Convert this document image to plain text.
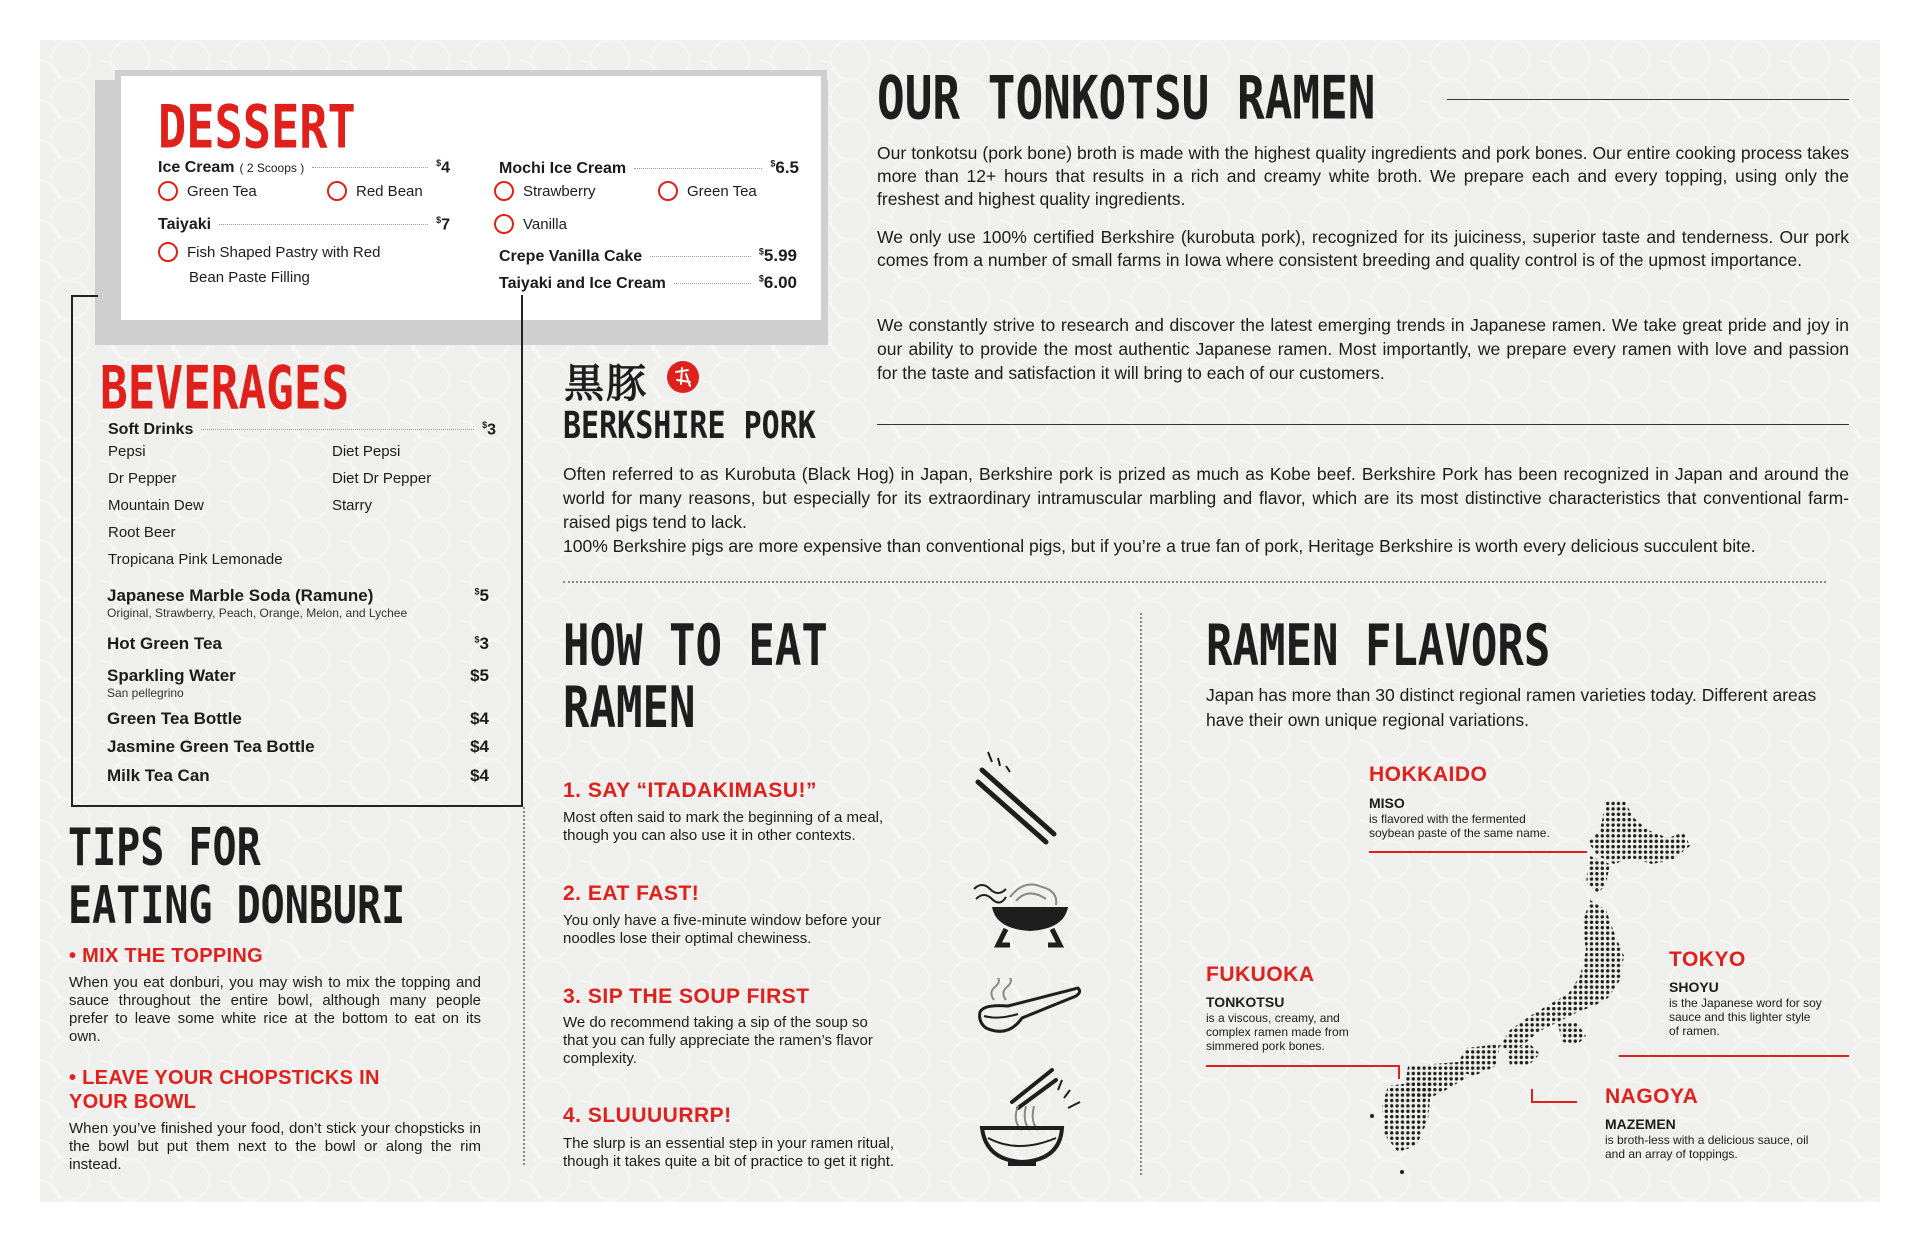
DESSERT
Ice Cream ( 2 Scoops )	$4
Green Tea	Red Bean
Taiyaki	$7
Fish Shaped Pastry with Red
Bean Paste Filling
Mochi Ice Cream	$6.5
Strawberry	Green Tea
Vanilla
Crepe Vanilla Cake	$5.99
Taiyaki and Ice Cream	$6.00
BEVERAGES
Soft Drinks	$3
Pepsi
Dr Pepper
Mountain Dew
Root Beer
Tropicana Pink Lemonade
Diet Pepsi
Diet Dr Pepper
Starry
Japanese Marble Soda (Ramune)	$5
Original, Strawberry, Peach, Orange, Melon, and Lychee
Hot Green Tea	$3
Sparkling Water	$5
San pellegrino
Green Tea Bottle	$4
Jasmine Green Tea Bottle	$4
Milk Tea Can	$4
TIPS FOR
EATING DONBURI
• MIX THE TOPPING
When you eat donburi, you may wish to mix the topping and sauce throughout the entire bowl, although many people prefer to leave some white rice at the bottom to eat on its own.
• LEAVE YOUR CHOPSTICKS IN
YOUR BOWL
When you’ve finished your food, don’t stick your chopsticks in the bowl but put them next to the bowl or along the rim instead.
OUR TONKOTSU RAMEN
Our tonkotsu (pork bone) broth is made with the highest quality ingredients and pork bones. Our entire cooking process takes more than 12+ hours that results in a rich and creamy white broth. We prepare each and every topping, using only the freshest and highest quality ingredients.
We only use 100% certified Berkshire (kurobuta pork), recognized for its juiciness, superior taste and tenderness. Our pork comes from a number of small farms in Iowa where consistent breeding and quality control is of the upmost importance.
We constantly strive to research and discover the latest emerging trends in Japanese ramen. We take great pride and joy in our ability to provide the most authentic Japanese ramen. Most importantly, we prepare every ramen with love and passion for the taste and satisfaction it will bring to each of our customers.
黒豚
BERKSHIRE PORK
Often referred to as Kurobuta (Black Hog) in Japan, Berkshire pork is prized as much as Kobe beef. Berkshire Pork has been recognized in Japan and around the world for many reasons, but especially for its extraordinary intramuscular marbling and flavor, which are its most distinctive characteristics that conventional farm-raised pigs tend to lack.
100% Berkshire pigs are more expensive than conventional pigs, but if you’re a true fan of pork, Heritage Berkshire is worth every delicious succulent bite.
HOW TO EAT
RAMEN
1. SAY “ITADAKIMASU!”
Most often said to mark the beginning of a meal,
though you can also use it in other contexts.
2. EAT FAST!
You only have a five-minute window before your
noodles lose their optimal chewiness.
3. SIP THE SOUP FIRST
We do recommend taking a sip of the soup so
that you can fully appreciate the ramen’s flavor
complexity.
4. SLUUUURRP!
The slurp is an essential step in your ramen ritual,
though it takes quite a bit of practice to get it right.
RAMEN FLAVORS
Japan has more than 30 distinct regional ramen varieties today. Different areas have their own unique regional variations.
HOKKAIDO
MISO
is flavored with the fermented
soybean paste of the same name.
FUKUOKA
TONKOTSU
is a viscous, creamy, and
complex ramen made from
simmered pork bones.
TOKYO
SHOYU
is the Japanese word for soy
sauce and this lighter style
of ramen.
NAGOYA
MAZEMEN
is broth-less with a delicious sauce, oil
and an array of toppings.
